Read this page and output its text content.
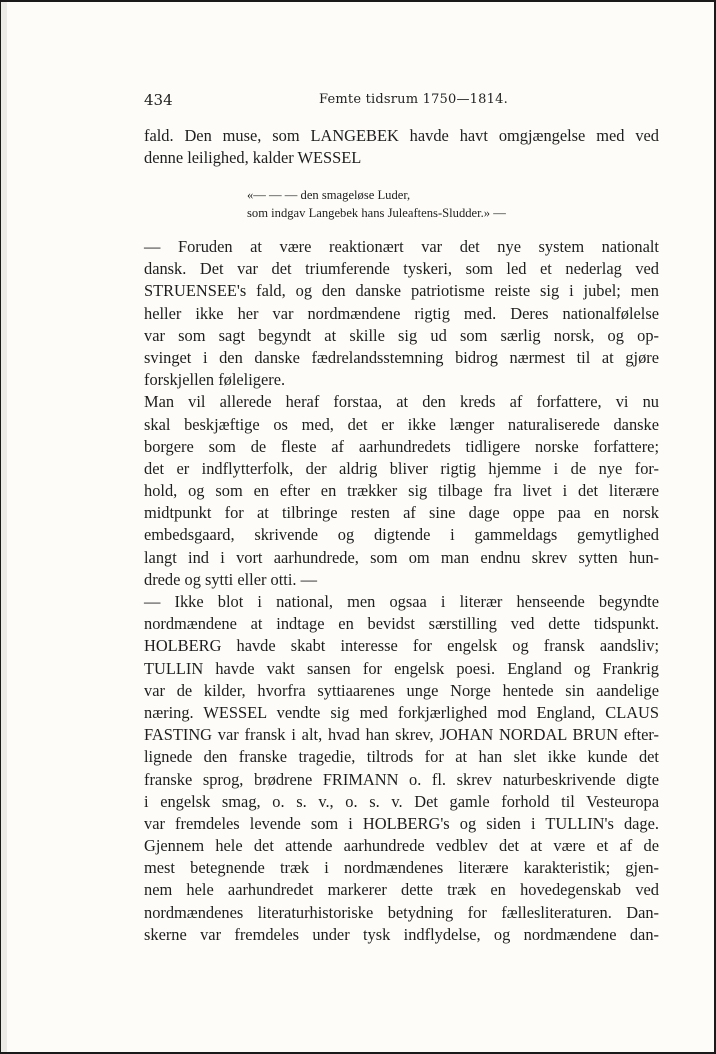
434	Femte tidsrum 1750—1814.
fald. Den muse, som LANGEBEK havde havt omgjængelse med ved
denne leilighed, kalder WESSEL
«— — — den smageløse Luder,
som indgav Langebek hans Juleaftens-Sludder.» —
— Foruden at være reaktionært var det nye system nationalt
dansk. Det var det triumferende tyskeri, som led et nederlag ved
STRUENSEE's fald, og den danske patriotisme reiste sig i jubel; men
heller ikke her var nordmændene rigtig med. Deres nationalfølelse
var som sagt begyndt at skille sig ud som særlig norsk, og op-
svinget i den danske fædrelandsstemning bidrog nærmest til at gjøre
forskjellen føleligere.
Man vil allerede heraf forstaa, at den kreds af forfattere, vi nu
skal beskjæftige os med, det er ikke længer naturaliserede danske
borgere som de fleste af aarhundredets tidligere norske forfattere;
det er indflytterfolk, der aldrig bliver rigtig hjemme i de nye for-
hold, og som en efter en trækker sig tilbage fra livet i det literære
midtpunkt for at tilbringe resten af sine dage oppe paa en norsk
embedsgaard, skrivende og digtende i gammeldags gemytlighed
langt ind i vort aarhundrede, som om man endnu skrev sytten hun-
drede og sytti eller otti. —
— Ikke blot i national, men ogsaa i literær henseende begyndte
nordmændene at indtage en bevidst særstilling ved dette tidspunkt.
HOLBERG havde skabt interesse for engelsk og fransk aandsliv;
TULLIN havde vakt sansen for engelsk poesi. England og Frankrig
var de kilder, hvorfra syttiaarenes unge Norge hentede sin aandelige
næring. WESSEL vendte sig med forkjærlighed mod England, CLAUS
FASTING var fransk i alt, hvad han skrev, JOHAN NORDAL BRUN efter-
lignede den franske tragedie, tiltrods for at han slet ikke kunde det
franske sprog, brødrene FRIMANN o. fl. skrev naturbeskrivende digte
i engelsk smag, o. s. v., o. s. v. Det gamle forhold til Vesteuropa
var fremdeles levende som i HOLBERG's og siden i TULLIN's dage.
Gjennem hele det attende aarhundrede vedblev det at være et af de
mest betegnende træk i nordmændenes literære karakteristik; gjen-
nem hele aarhundredet markerer dette træk en hovedegenskab ved
nordmændenes literaturhistoriske betydning for fællesliteraturen. Dan-
skerne var fremdeles under tysk indflydelse, og nordmændene dan-
